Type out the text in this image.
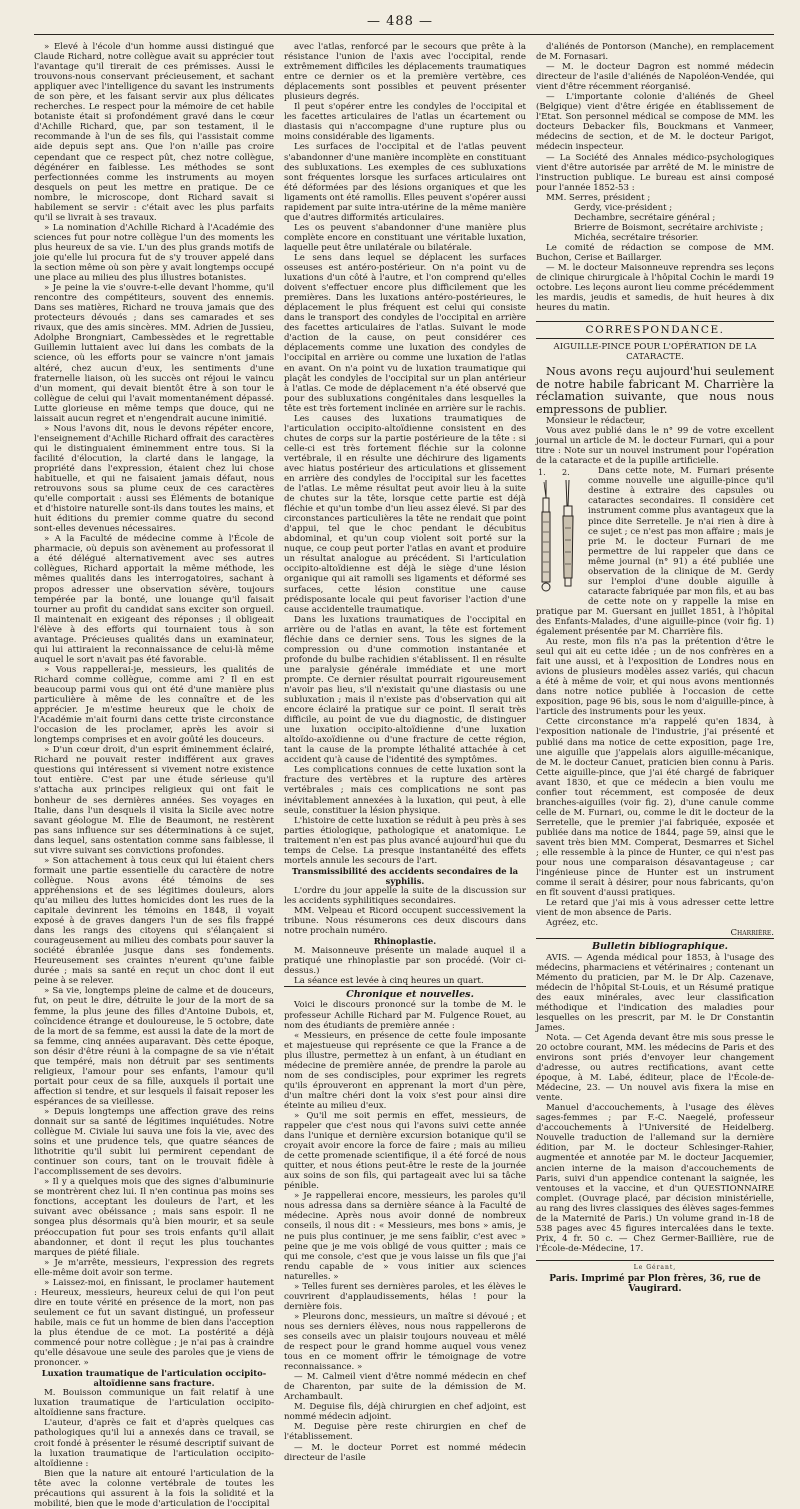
— 488 —

» Elevé à l'école d'un homme aussi distingué que Claude Richard, notre collègue avait su apprécier tout l'avantage qu'il tirerait de ces prémisses. Aussi le trouvons-nous conservant précieusement, et sachant appliquer avec l'intelligence du savant les instruments de son père, et les faisant servir aux plus délicates recherches. Le respect pour la mémoire de cet habile botaniste était si profondément gravé dans le cœur d'Achille Richard, que, par son testament, il le recommande à l'un de ses fils, qui l'assistait comme aide depuis sept ans. Que l'on n'aille pas croire cependant que ce respect pût, chez notre collègue, dégénérer en faiblesse. Les méthodes se sont perfectionnées comme les instruments au moyen desquels on peut les mettre en pratique. De ce nombre, le microscope, dont Richard savait si habilement se servir : c'était avec les plus parfaits qu'il se livrait à ses travaux.

» La nomination d'Achille Richard à l'Académie des sciences fut pour notre collègue l'un des moments les plus heureux de sa vie. L'un des plus grands motifs de joie qu'elle lui procura fut de s'y trouver appelé dans la section même où son père y avait longtemps occupé une place au milieu des plus illustres botanistes.

» Je peine la vie s'ouvre-t-elle devant l'homme, qu'il rencontre des compétiteurs, souvent des ennemis. Dans ses matières, Richard ne trouva jamais que des protecteurs dévoués ; dans ses camarades et ses rivaux, que des amis sincères. MM. Adrien de Jussieu, Adolphe Brongniart, Cambessèdes et le regrettable Guillemin luttaient avec lui dans les combats de la science, où les efforts pour se vaincre n'ont jamais altéré, chez aucun d'eux, les sentiments d'une fraternelle liaison, où les succès ont réjoui le vaincu d'un moment, qui devait bientôt être à son tour le collègue de celui qui l'avait momentanément dépassé. Lutte glorieuse en même temps que douce, qui ne laissait aucun regret et n'engendrait aucune inimitié.

» Nous l'avons dit, nous le devons répéter encore, l'enseignement d'Achille Richard offrait des caractères qui le distinguaient éminemment entre tous. Si la facilité d'élocution, la clarté dans le langage, la propriété dans l'expression, étaient chez lui chose habituelle, et qui ne faisaient jamais défaut, nous retrouvons sous sa plume ceux de ces caractères qu'elle comportait : aussi ses Éléments de botanique et d'histoire naturelle sont-ils dans toutes les mains, et huit éditions du premier comme quatre du second sont-elles devenues nécessaires.

» A la Faculté de médecine comme à l'École de pharmacie, où depuis son avènement au professorat il a été délégué alternativement avec ses autres collègues, Richard apportait la même méthode, les mêmes qualités dans les interrogatoires, sachant à propos adresser une observation sévère, toujours tempérée par la bonté, une louange qu'il faisait tourner au profit du candidat sans exciter son orgueil. Il maintenait en exigeant des réponses ; il obligeait l'élève à des efforts qui tournaient tous à son avantage. Précieuses qualités dans un examinateur, qui lui attiraient la reconnaissance de celui-là même auquel le sort n'avait pas été favorable.

» Vous rappellerai-je, messieurs, les qualités de Richard comme collègue, comme ami ? Il en est beaucoup parmi vous qui ont été d'une manière plus particulière à même de les connaître et de les apprécier. Je m'estime heureux que le choix de l'Académie m'ait fourni dans cette triste circonstance l'occasion de les proclamer, après les avoir si longtemps comprises et en avoir goûté les douceurs.

» D'un cœur droit, d'un esprit éminemment éclairé, Richard ne pouvait rester indifférent aux graves questions qui intéressent si vivement notre existence tout entière. C'est par une étude sérieuse qu'il s'attacha aux principes religieux qui ont fait le bonheur de ses dernières années. Ses voyages en Italie, dans l'un desquels il visita la Sicile avec notre savant géologue M. Elie de Beaumont, ne restèrent pas sans influence sur ses déterminations à ce sujet, dans lequel, sans ostentation comme sans faiblesse, il sut vivre suivant ses convictions profondes.

» Son attachement à tous ceux qui lui étaient chers formait une partie essentielle du caractère de notre collègue. Nous avons été témoins de ses appréhensions et de ses légitimes douleurs, alors qu'au milieu des luttes homicides dont les rues de la capitale devinrent les témoins en 1848, il voyait exposé à de graves dangers l'un de ses fils frappé dans les rangs des citoyens qui s'élançaient si courageusement au milieu des combats pour sauver la société ébranlée jusque dans ses fondements. Heureusement ses craintes n'eurent qu'une faible durée ; mais sa santé en reçut un choc dont il eut peine à se relever.

» Sa vie, longtemps pleine de calme et de douceurs, fut, on peut le dire, détruite le jour de la mort de sa femme, la plus jeune des filles d'Antoine Dubois, et, coïncidence étrange et douloureuse, le 5 octobre, date de la mort de sa femme, est aussi la date de la mort de sa femme, cinq années auparavant. Dès cette époque, son désir d'être réuni à la compagne de sa vie n'était que tempéré, mais non détruit par ses sentiments religieux, l'amour pour ses enfants, l'amour qu'il portait pour ceux de sa fille, auxquels il portait une affection si tendre, et sur lesquels il faisait reposer les espérances de sa vieillesse.

» Depuis longtemps une affection grave des reins donnait sur sa santé de légitimes inquiétudes. Notre collègue M. Civiale lui sauva une fois la vie, avec des soins et une prudence tels, que quatre séances de lithotritie qu'il subit lui permirent cependant de continuer son cours, tant on le trouvait fidèle à l'accomplissement de ses devoirs.

» Il y a quelques mois que des signes d'albuminurie se montrèrent chez lui. Il n'en continua pas moins ses fonctions, acceptant les douleurs de l'art, et les suivant avec obéissance ; mais sans espoir. Il ne songea plus désormais qu'à bien mourir, et sa seule préoccupation fut pour ses trois enfants qu'il allait abandonner, et dont il reçut les plus touchantes marques de piété filiale.

» Je m'arrête, messieurs, l'expression des regrets elle-même doit avoir son terme.

» Laissez-moi, en finissant, le proclamer hautement : Heureux, messieurs, heureux celui de qui l'on peut dire en toute vérité en présence de la mort, non pas seulement ce fut un savant distingué, un professeur habile, mais ce fut un homme de bien dans l'acception la plus étendue de ce mot. La postérité a déjà commencé pour notre collègue ; je n'ai pas à craindre qu'elle désavoue une seule des paroles que je viens de prononcer. »

Luxation traumatique de l'articulation occipito-altoïdienne sans fracture.

M. Bouisson communique un fait relatif à une luxation traumatique de l'articulation occipito-altoïdienne sans fracture.

L'auteur, d'après ce fait et d'après quelques cas pathologiques qu'il lui a annexés dans ce travail, se croit fondé à présenter le résumé descriptif suivant de la luxation traumatique de l'articulation occipito-altoïdienne :

Bien que la nature ait entouré l'articulation de la tête avec la colonne vertébrale de toutes les précautions qui assurent à la fois la solidité et la mobilité, bien que le mode d'articulation de l'occipital

avec l'atlas, renforcé par le secours que prête à la résistance l'union de l'axis avec l'occipital, rende extrêmement difficiles les déplacements traumatiques entre ce dernier os et la première vertèbre, ces déplacements sont possibles et peuvent présenter plusieurs degrés.

Il peut s'opérer entre les condyles de l'occipital et les facettes articulaires de l'atlas un écartement ou diastasis qui n'accompagne d'une rupture plus ou moins considérable des ligaments.

Les surfaces de l'occipital et de l'atlas peuvent s'abandonner d'une manière incomplète en constituant des subluxations. Les exemples de ces subluxations sont fréquentes lorsque les surfaces articulaires ont été déformées par des lésions organiques et que les ligaments ont été ramollis. Elles peuvent s'opérer aussi rapidement par suite intra-utérine de la même manière que d'autres difformités articulaires.

Les os peuvent s'abandonner d'une manière plus complète encore en constituant une véritable luxation, laquelle peut être unilatérale ou bilatérale.

Le sens dans lequel se déplacent les surfaces osseuses est antéro-postérieur. On n'a point vu de luxations d'un côté à l'autre, et l'on comprend qu'elles doivent s'effectuer encore plus difficilement que les premières. Dans les luxations antéro-postérieures, le déplacement le plus fréquent est celui qui consiste dans le transport des condyles de l'occipital en arrière des facettes articulaires de l'atlas. Suivant le mode d'action de la cause, on peut considérer ces déplacements comme une luxation des condyles de l'occipital en arrière ou comme une luxation de l'atlas en avant. On n'a point vu de luxation traumatique qui plaçât les condyles de l'occipital sur un plan antérieur à l'atlas. Ce mode de déplacement n'a été observé que pour des subluxations congénitales dans lesquelles la tête est très fortement inclinée en arrière sur le rachis.

Les causes des luxations traumatiques de l'articulation occipito-altoïdienne consistent en des chutes de corps sur la partie postérieure de la tête : si celle-ci est très fortement fléchie sur la colonne vertébrale, il en résulte une déchirure des ligaments avec hiatus postérieur des articulations et glissement en arrière des condyles de l'occipital sur les facettes de l'atlas. Le même résultat peut avoir lieu à la suite de chutes sur la tête, lorsque cette partie est déjà fléchie et qu'un tombe d'un lieu assez élevé. Si par des circonstances particulières la tête ne rendait que point d'appui, tel que le choc pendant le décubitus abdominal, et qu'un coup violent soit porté sur la nuque, ce coup peut porter l'atlas en avant et produire un résultat analogue au précédent. Si l'articulation occipito-altoïdienne est déjà le siège d'une lésion organique qui ait ramolli ses ligaments et déformé ses surfaces, cette lésion constitue une cause prédisposante locale qui peut favoriser l'action d'une cause accidentelle traumatique.

Dans les luxations traumatiques de l'occipital en arrière ou de l'atlas en avant, la tête est fortement fléchie dans ce dernier sens. Tous les signes de la compression ou d'une commotion instantanée et profonde du bulbe rachidien s'établissent. Il en résulte une paralysie générale immédiate et une mort prompte. Ce dernier résultat pourrait rigoureusement n'avoir pas lieu, s'il n'existait qu'une diastasis ou une subluxation ; mais il n'existe pas d'observation qui ait encore éclairé la pratique sur ce point. Il serait très difficile, au point de vue du diagnostic, de distinguer une luxation occipito-altoïdienne d'une luxation altoïdo-axoïdienne ou d'une fracture de cette région, tant la cause de la prompte léthalité attachée à cet accident qu'à cause de l'identité des symptômes.

Les complications connues de cette luxation sont la fracture des vertèbres et la rupture des artères vertébrales ; mais ces complications ne sont pas inévitablement annexées à la luxation, qui peut, à elle seule, constituer la lésion physique.

L'histoire de cette luxation se réduit à peu près à ses parties étiologique, pathologique et anatomique. Le traitement n'en est pas plus avancé aujourd'hui que du temps de Celse. La presque instantanéité des effets mortels annule les secours de l'art.

Transmissibilité des accidents secondaires de la syphilis.

L'ordre du jour appelle la suite de la discussion sur les accidents syphilitiques secondaires.

MM. Velpeau et Ricord occupent successivement la tribune. Nous résumerons ces deux discours dans notre prochain numéro.

Rhinoplastie.

M. Maisonneuve présente un malade auquel il a pratiqué une rhinoplastie par son procédé. (Voir ci-dessus.)

La séance est levée à cinq heures un quart.

Chronique et nouvelles.

Voici le discours prononcé sur la tombe de M. le professeur Achille Richard par M. Fulgence Rouet, au nom des étudiants de première année :

« Messieurs, en présence de cette foule imposante et majestueuse qui représente ce que la France a de plus illustre, permettez à un enfant, à un étudiant en médecine de première année, de prendre la parole au nom de ses condisciples, pour exprimer les regrets qu'ils éprouveront en apprenant la mort d'un père, d'un maître chéri dont la voix s'est pour ainsi dire éteinte au milieu d'eux.

» Qu'il me soit permis en effet, messieurs, de rappeler que c'est nous qui l'avons suivi cette année dans l'unique et dernière excursion botanique qu'il se croyait avoir encore la force de faire ; mais au milieu de cette promenade scientifique, il a été forcé de nous quitter, et nous étions peut-être le reste de la journée aux soins de son fils, qui partageait avec lui sa tâche pénible.

» Je rappellerai encore, messieurs, les paroles qu'il nous adressa dans sa dernière séance à la Faculté de médecine. Après nous avoir donné de nombreux conseils, il nous dit : « Messieurs, mes bons » amis, je ne puis plus continuer, je me sens faiblir, c'est avec » peine que je me vois obligé de vous quitter ; mais ce qui me console, c'est que je vous laisse un fils que j'ai rendu capable de » vous initier aux sciences naturelles. »

» Telles furent ses dernières paroles, et les élèves le couvrirent d'applaudissements, hélas ! pour la dernière fois.

» Pleurons donc, messieurs, un maître si dévoué ; et nous ses derniers élèves, nous nous rappellerons de ses conseils avec un plaisir toujours nouveau et mêlé de respect pour le grand homme auquel vous venez tous en ce moment offrir le témoignage de votre reconnaissance. »

— M. Calmeil vient d'être nommé médecin en chef de Charenton, par suite de la démission de M. Archambault.

M. Deguise fils, déjà chirurgien en chef adjoint, est nommé médecin adjoint.

M. Deguise père reste chirurgien en chef de l'établissement.

— M. le docteur Porret est nommé médecin directeur de l'asile

d'aliénés de Pontorson (Manche), en remplacement de M. Fornasari.

— M. le docteur Dagron est nommé médecin directeur de l'asile d'aliénés de Napoléon-Vendée, qui vient d'être récemment réorganisé.

— L'importante colonie d'aliénés de Gheel (Belgique) vient d'être érigée en établissement de l'Etat. Son personnel médical se compose de MM. les docteurs Debacker fils, Bouckmans et Vanmeer, médecins de section, et de M. le docteur Parigot, médecin inspecteur.

— La Société des Annales médico-psychologiques vient d'être autorisée par arrêté de M. le ministre de l'instruction publique. Le bureau est ainsi composé pour l'année 1852-53 :

MM. Serres, président ;

Gerdy, vice-président ;

Dechambre, secrétaire général ;

Brierre de Boismont, secrétaire archiviste ;

Michéa, secrétaire trésorier.

Le comité de rédaction se compose de MM. Buchon, Cerise et Baillarger.

— M. le docteur Maisonneuve reprendra ses leçons de clinique chirurgicale à l'hôpital Cochin le mardi 19 octobre. Les leçons auront lieu comme précédemment les mardis, jeudis et samedis, de huit heures à dix heures du matin.

CORRESPONDANCE.
AIGUILLE-PINCE POUR L'OPÉRATION DE LA CATARACTE.

Nous avons reçu aujourd'hui seulement de notre habile fabricant M. Charrière la réclamation suivante, que nous nous empressons de publier.

Monsieur le rédacteur,

Vous avez publié dans le n° 99 de votre excellent journal un article de M. le docteur Furnari, qui a pour titre : Note sur un nouvel instrument pour l'opération de la cataracte et de la pupille artificielle.

1. 2.	Dans cette note, M. Furnari présente comme nouvelle une aiguille-pince qu'il destine à extraire des capsules ou cataractes secondaires. Il considère cet instrument comme plus avantageux que la pince dite Serretelle. Je n'ai rien à dire à ce sujet ; ce n'est pas mon affaire ; mais je prie M. le docteur Furnari de me permettre de lui rappeler que dans ce même journal (n° 91) a été publiée une observation de la clinique de M. Gerdy sur l'emploi d'une double aiguille à cataracte fabriquée par mon fils, et au bas de cette note on y rappelle la mise en pratique par M. Guersant en juillet 1851, à l'hôpital des Enfants-Malades, d'une aiguille-pince (voir fig. 1) également présentée par M. Charrière fils.

Au reste, mon fils n'a pas la prétention d'être le seul qui ait eu cette idée ; un de nos confrères en a fait une aussi, et à l'exposition de Londres nous en avions de plusieurs modèles assez variés, qui chacun a été à même de voir, et qui nous avons mentionnés dans notre notice publiée à l'occasion de cette exposition, page 96 bis, sous le nom d'aiguille-pince, à l'article des instruments pour les yeux.

Cette circonstance m'a rappelé qu'en 1834, à l'exposition nationale de l'industrie, j'ai présenté et publié dans ma notice de cette exposition, page 1re, une aiguille que j'appelais alors aiguille-mécanique, de M. le docteur Canuet, praticien bien connu à Paris. Cette aiguille-pince, que j'ai été chargé de fabriquer avant 1830, et que ce médecin a bien voulu me confier tout récemment, est composée de deux branches-aiguilles (voir fig. 2), d'une canule comme celle de M. Furnari, ou, comme le dit le docteur de la Serretelle, que le premier j'ai fabriquée, exposée et publiée dans ma notice de 1844, page 59, ainsi que le savent très bien MM. Comperat, Desmarres et Sichel ; elle ressemble à la pince de Hunter, ce qui n'est pas pour nous une comparaison désavantageuse ; car l'ingénieuse pince de Hunter est un instrument comme il serait à désirer, pour nous fabricants, qu'on en fît souvent d'aussi pratiques.

Le retard que j'ai mis à vous adresser cette lettre vient de mon absence de Paris.

Agréez, etc.

Charrière.

Bulletin bibliographique.

AVIS. — Agenda médical pour 1853, à l'usage des médecins, pharmaciens et vétérinaires ; contenant un Mémento du praticien, par M. le Dr Alp. Cazenave, médecin de l'hôpital St-Louis, et un Résumé pratique des eaux minérales, avec leur classification méthodique et l'indication des maladies pour lesquelles on les prescrit, par M. le Dr Constantin James.

Nota. — Cet Agenda devant être mis sous presse le 20 octobre courant, MM. les médecins de Paris et des environs sont priés d'envoyer leur changement d'adresse, ou autres rectifications, avant cette époque, à M. Labé, éditeur, place de l'École-de-Médecine, 23. — Un nouvel avis fixera la mise en vente.

Manuel d'accouchements, à l'usage des élèves sages-femmes ; par F.-C. Naegelé, professeur d'accouchements à l'Université de Heidelberg. Nouvelle traduction de l'allemand sur la dernière édition, par M. le docteur Schlesinger-Rahier, augmentée et annotée par M. le docteur Jacquemier, ancien interne de la maison d'accouchements de Paris, suivi d'un appendice contenant la saignée, les ventouses et la vaccine, et d'un QUESTIONNAIRE complet. (Ouvrage placé, par décision ministérielle, au rang des livres classiques des élèves sages-femmes de la Maternité de Paris.) Un volume grand in-18 de 538 pages avec 45 figures intercalées dans le texte. Prix, 4 fr. 50 c. — Chez Germer-Baillière, rue de l'École-de-Médecine, 17.

Le Gérant,
Paris. Imprimé par Plon frères, 36, rue de Vaugirard.
